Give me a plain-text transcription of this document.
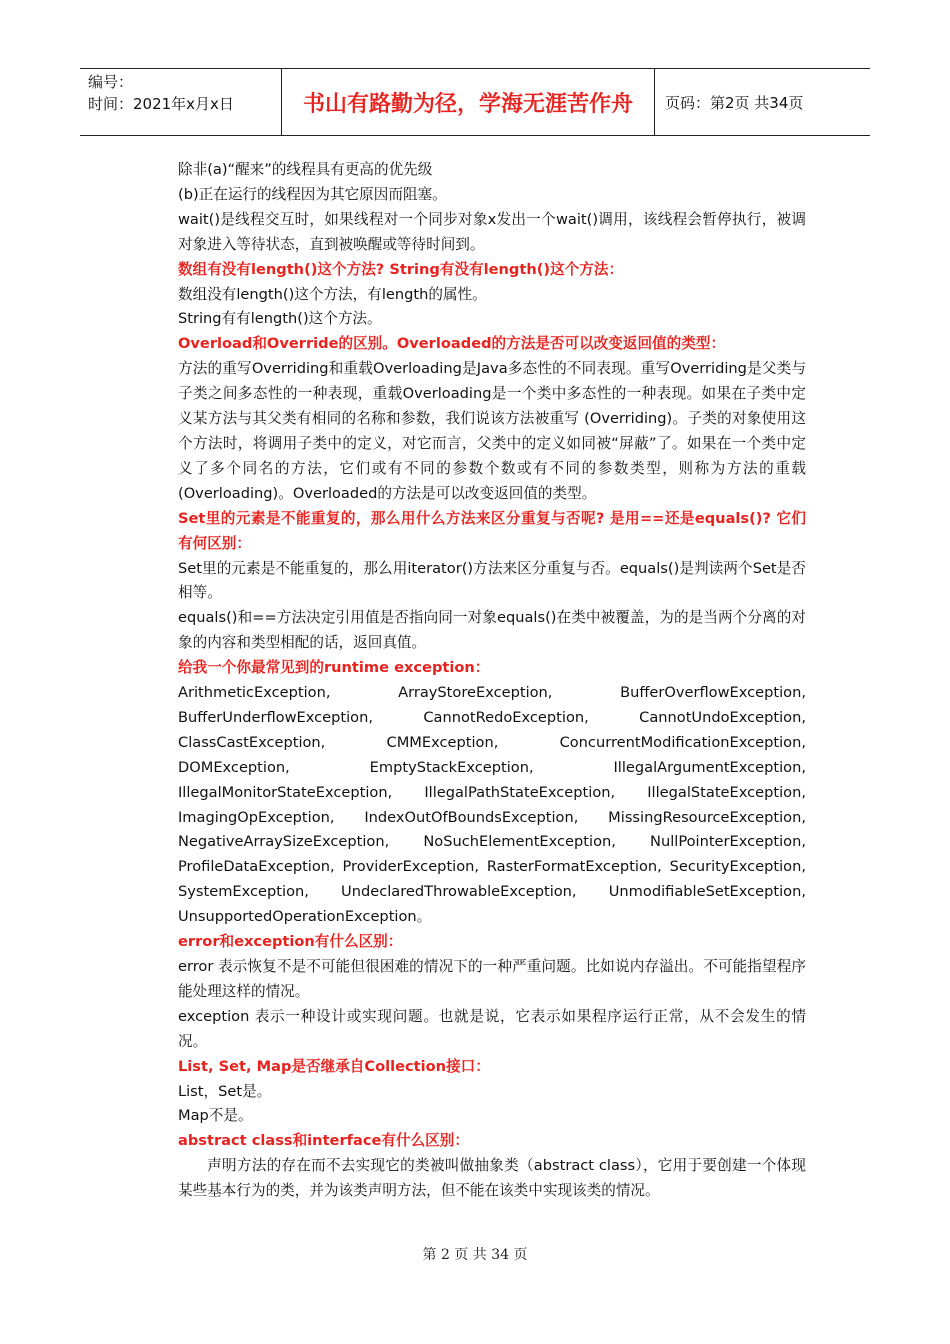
编号：
时间：2021年x月x日	书山有路勤为径，学海无涯苦作舟	页码：第2页 共34页

除非(a)“醒来”的线程具有更高的优先级

(b)正在运行的线程因为其它原因而阻塞。

wait()是线程交互时，如果线程对一个同步对象x发出一个wait()调用，该线程会暂停执行，被调对象进入等待状态，直到被唤醒或等待时间到。

数组有没有length()这个方法? String有没有length()这个方法：

数组没有length()这个方法，有length的属性。

String有有length()这个方法。

Overload和Override的区别。Overloaded的方法是否可以改变返回值的类型：

方法的重写Overriding和重载Overloading是Java多态性的不同表现。重写Overriding是父类与子类之间多态性的一种表现，重载Overloading是一个类中多态性的一种表现。如果在子类中定义某方法与其父类有相同的名称和参数，我们说该方法被重写 (Overriding)。子类的对象使用这个方法时，将调用子类中的定义，对它而言，父类中的定义如同被“屏蔽”了。如果在一个类中定义了多个同名的方法，它们或有不同的参数个数或有不同的参数类型，则称为方法的重载(Overloading)。Overloaded的方法是可以改变返回值的类型。

Set里的元素是不能重复的，那么用什么方法来区分重复与否呢? 是用==还是equals()? 它们有何区别：

Set里的元素是不能重复的，那么用iterator()方法来区分重复与否。equals()是判读两个Set是否相等。

equals()和==方法决定引用值是否指向同一对象equals()在类中被覆盖，为的是当两个分离的对象的内容和类型相配的话，返回真值。

给我一个你最常见到的runtime exception：

ArithmeticException, ArrayStoreException, BufferOverflowException,

BufferUnderflowException, CannotRedoException, CannotUndoException,

ClassCastException, CMMException, ConcurrentModificationException,

DOMException, EmptyStackException, IllegalArgumentException,

IllegalMonitorStateException, IllegalPathStateException, IllegalStateException,

ImagingOpException, IndexOutOfBoundsException, MissingResourceException,

NegativeArraySizeException, NoSuchElementException, NullPointerException,

ProfileDataException, ProviderException, RasterFormatException, SecurityException,

SystemException, UndeclaredThrowableException, UnmodifiableSetException,

UnsupportedOperationException。

error和exception有什么区别：

error 表示恢复不是不可能但很困难的情况下的一种严重问题。比如说内存溢出。不可能指望程序能处理这样的情况。

exception 表示一种设计或实现问题。也就是说，它表示如果程序运行正常，从不会发生的情况。

List, Set, Map是否继承自Collection接口：

List，Set是。

Map不是。

abstract class和interface有什么区别：

声明方法的存在而不去实现它的类被叫做抽象类（abstract class），它用于要创建一个体现某些基本行为的类，并为该类声明方法，但不能在该类中实现该类的情况。

第 2 页 共 34 页
